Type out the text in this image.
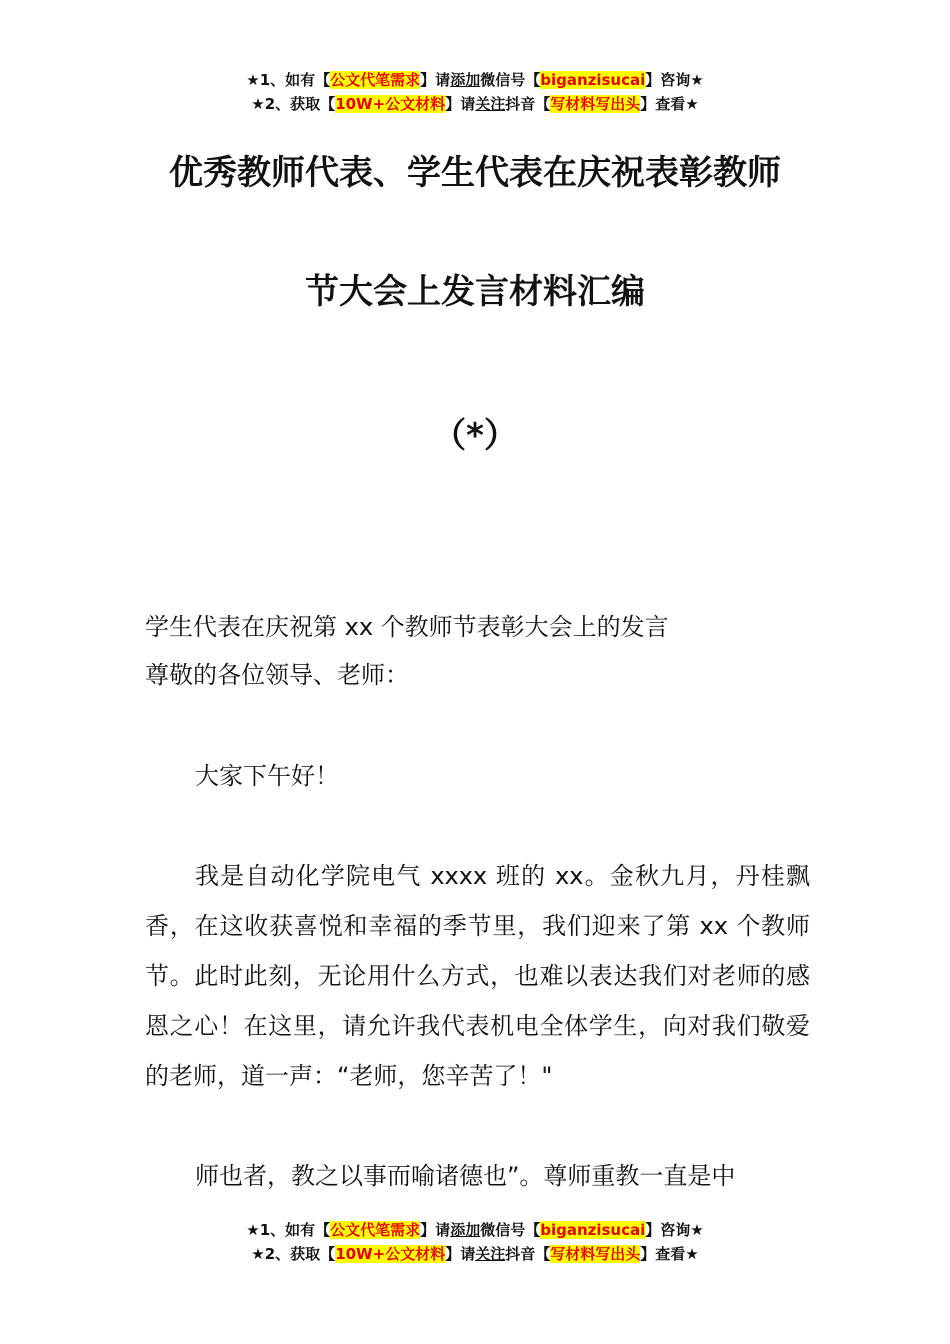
★1、如有【公文代笔需求】请添加微信号【biganzisucai】咨询★
★2、获取【10W+公文材料】请关注抖音【写材料写出头】查看★
优秀教师代表、学生代表在庆祝表彰教师
节大会上发言材料汇编
（*）

学生代表在庆祝第 xx 个教师节表彰大会上的发言

尊敬的各位领导、老师：

大家下午好！

我是自动化学院电气 xxxx 班的 xx。金秋九月，丹桂飘香，在这收获喜悦和幸福的季节里，我们迎来了第 xx 个教师节。此时此刻，无论用什么方式，也难以表达我们对老师的感恩之心！在这里，请允许我代表机电全体学生，向对我们敬爱的老师，道一声：“老师，您辛苦了！"

师也者，教之以事而喻诸德也”。尊师重教一直是中

★1、如有【公文代笔需求】请添加微信号【biganzisucai】咨询★
★2、获取【10W+公文材料】请关注抖音【写材料写出头】查看★
